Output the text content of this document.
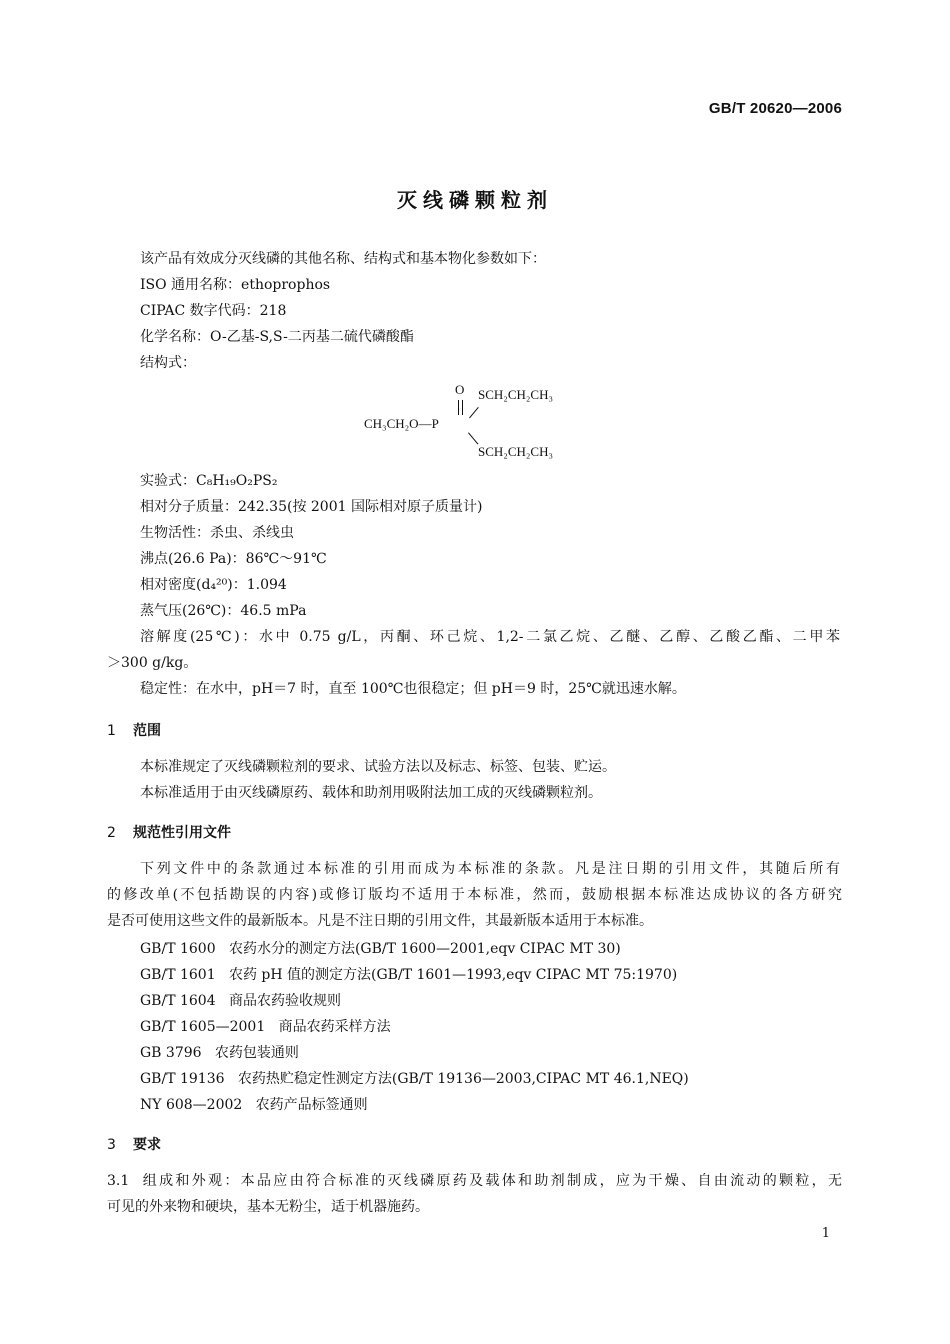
GB/T 20620—2006
灭线磷颗粒剂
该产品有效成分灭线磷的其他名称、结构式和基本物化参数如下：
ISO 通用名称：ethoprophos
CIPAC 数字代码：218
化学名称：O-乙基-S,S-二丙基二硫代磷酸酯
结构式：
O SCH₂CH₂CH₃
CH₃CH₂O—P
SCH₂CH₂CH₃
实验式：C₈H₁₉O₂PS₂
相对分子质量：242.35(按 2001 国际相对原子质量计)
生物活性：杀虫、杀线虫
沸点(26.6 Pa)：86℃～91℃
相对密度(d₄²⁰)：1.094
蒸气压(26℃)：46.5 mPa
溶解度(25℃)：水中 0.75 g/L，丙酮、环己烷、1,2-二氯乙烷、乙醚、乙醇、乙酸乙酯、二甲苯
＞300 g/kg。
稳定性：在水中，pH＝7 时，直至 100℃也很稳定；但 pH＝9 时，25℃就迅速水解。
1 范围
本标准规定了灭线磷颗粒剂的要求、试验方法以及标志、标签、包装、贮运。
本标准适用于由灭线磷原药、载体和助剂用吸附法加工成的灭线磷颗粒剂。
2 规范性引用文件
下列文件中的条款通过本标准的引用而成为本标准的条款。凡是注日期的引用文件，其随后所有
的修改单(不包括勘误的内容)或修订版均不适用于本标准，然而，鼓励根据本标准达成协议的各方研究
是否可使用这些文件的最新版本。凡是不注日期的引用文件，其最新版本适用于本标准。
GB/T 1600 农药水分的测定方法(GB/T 1600—2001,eqv CIPAC MT 30)
GB/T 1601 农药 pH 值的测定方法(GB/T 1601—1993,eqv CIPAC MT 75:1970)
GB/T 1604 商品农药验收规则
GB/T 1605—2001 商品农药采样方法
GB 3796 农药包装通则
GB/T 19136 农药热贮稳定性测定方法(GB/T 19136—2003,CIPAC MT 46.1,NEQ)
NY 608—2002 农药产品标签通则
3 要求
3.1 组成和外观：本品应由符合标准的灭线磷原药及载体和助剂制成，应为干燥、自由流动的颗粒，无
可见的外来物和硬块，基本无粉尘，适于机器施药。
1
